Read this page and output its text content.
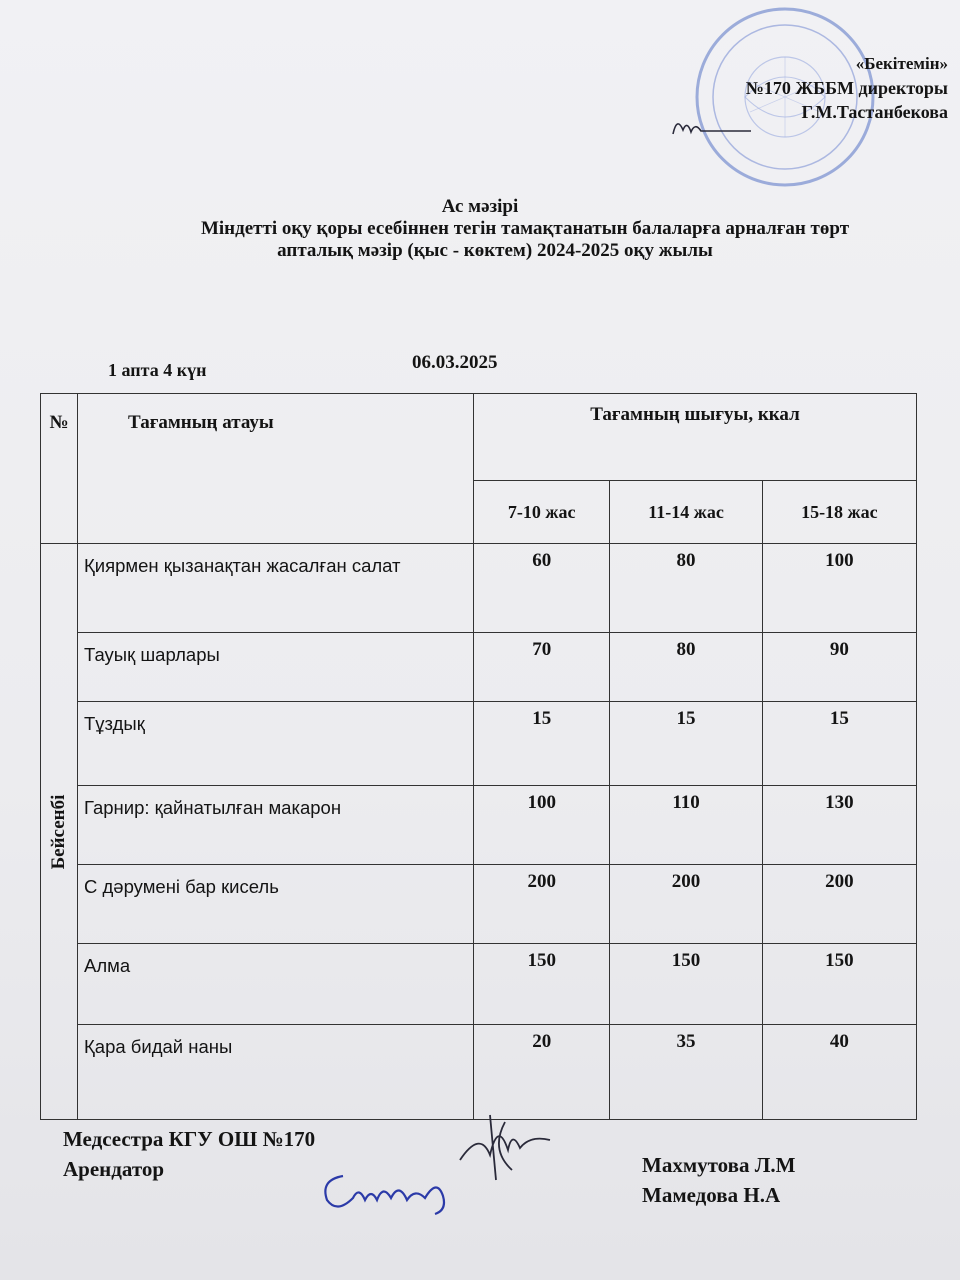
«Бекітемін»
№170 ЖББМ директоры
Г.М.Тастанбекова
Ас мәзірі
Міндетті оқу қоры есебіннен тегін тамақтанатын балаларға арналған төрт
апталық мәзір (қыс - көктем) 2024-2025 оқу жылы
1 апта 4 күн	06.03.2025
№	Тағамның атауы	Тағамның шығуы, ккал		
		7-10 жас	11-14 жас	15-18 жас

Бейсенбі	Қиярмен қызанақтан жасалған салат	60	80	100
	Тауық шарлары	70	80	90
	Тұздық	15	15	15
	Гарнир: қайнатылған макарон	100	110	130
	С дәрумені бар кисель	200	200	200
	Алма	150	150	150
	Қара бидай наны	20	35	40
Медсестра КГУ ОШ №170
Арендатор	Махмутова Л.М
Мамедова Н.А
